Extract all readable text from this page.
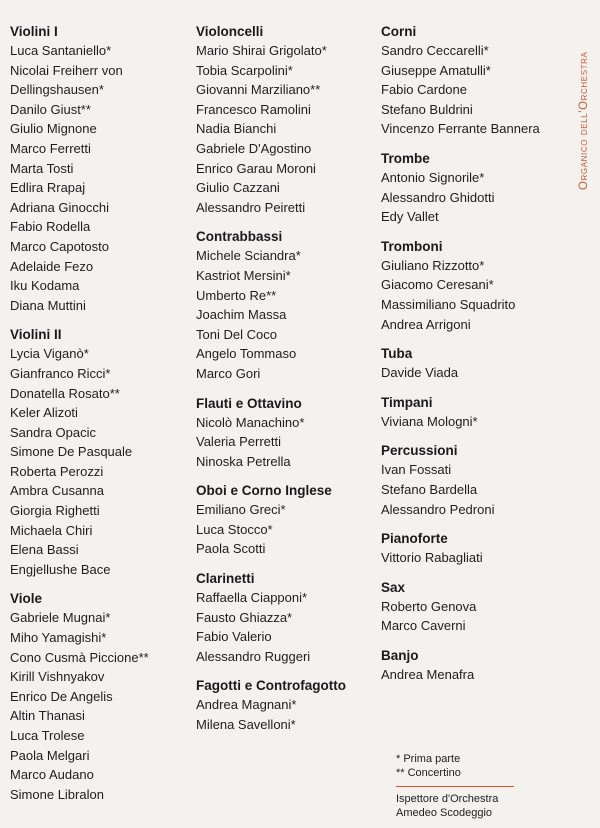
Violini I
Luca Santaniello*
Nicolai Freiherr von
Dellingshausen*
Danilo Giust**
Giulio Mignone
Marco Ferretti
Marta Tosti
Edlira Rrapaj
Adriana Ginocchi
Fabio Rodella
Marco Capotosto
Adelaide Fezo
Iku Kodama
Diana Muttini
Violini II
Lycia Viganò*
Gianfranco Ricci*
Donatella Rosato**
Keler Alizoti
Sandra Opacic
Simone De Pasquale
Roberta Perozzi
Ambra Cusanna
Giorgia Righetti
Michaela Chiri
Elena Bassi
Engjellushe Bace
Viole
Gabriele Mugnai*
Miho Yamagishi*
Cono Cusmà Piccione**
Kirill Vishnyakov
Enrico De Angelis
Altin Thanasi
Luca Trolese
Paola Melgari
Marco Audano
Simone Libralon
Violoncelli
Mario Shirai Grigolato*
Tobia Scarpolini*
Giovanni Marziliano**
Francesco Ramolini
Nadia Bianchi
Gabriele D'Agostino
Enrico Garau Moroni
Giulio Cazzani
Alessandro Peiretti
Contrabbassi
Michele Sciandra*
Kastriot Mersini*
Umberto Re**
Joachim Massa
Toni Del Coco
Angelo Tommaso
Marco Gori
Flauti e Ottavino
Nicolò Manachino*
Valeria Perretti
Ninoska Petrella
Oboi e Corno Inglese
Emiliano Greci*
Luca Stocco*
Paola Scotti
Clarinetti
Raffaella Ciapponi*
Fausto Ghiazza*
Fabio Valerio
Alessandro Ruggeri
Fagotti e Controfagotto
Andrea Magnani*
Milena Savelloni*
Corni
Sandro Ceccarelli*
Giuseppe Amatulli*
Fabio Cardone
Stefano Buldrini
Vincenzo Ferrante Bannera
Trombe
Antonio Signorile*
Alessandro Ghidotti
Edy Vallet
Tromboni
Giuliano Rizzotto*
Giacomo Ceresani*
Massimiliano Squadrito
Andrea Arrigoni
Tuba
Davide Viada
Timpani
Viviana Mologni*
Percussioni
Ivan Fossati
Stefano Bardella
Alessandro Pedroni
Pianoforte
Vittorio Rabagliati
Sax
Roberto Genova
Marco Caverni
Banjo
Andrea Menafra
Organico dell'Orchestra
* Prima parte
** Concertino
Ispettore d'Orchestra
Amedeo Scodeggio
